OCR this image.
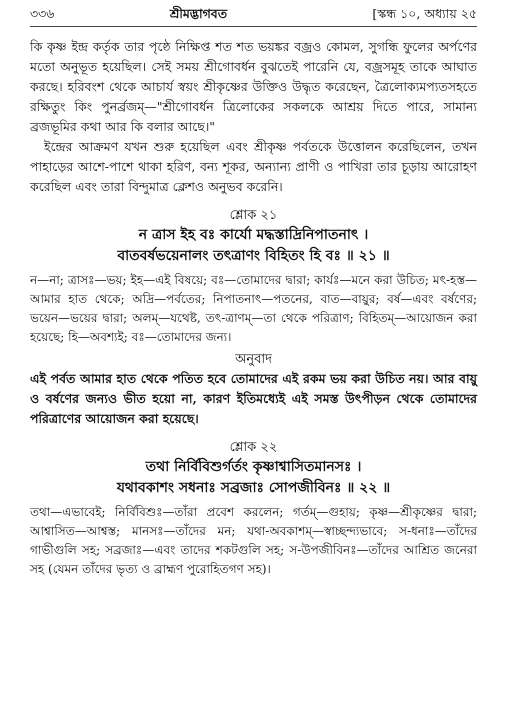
৩৩৬	শ্রীমদ্ভাগবত	[স্কন্ধ ১০, অধ্যায় ২৫

কি কৃষ্ণ ইন্দ্র কর্তৃক তার পৃষ্ঠে নিক্ষিপ্ত শত শত ভয়ঙ্কর বজ্রও কোমল, সুগন্ধি ফুলের অর্পণের মতো অনুভূত হয়েছিল। সেই সময় শ্রীগোবর্ধন বুঝতেই পারেনি যে, বজ্রসমূহ তাকে আঘাত করছে। হরিবংশ থেকে আচার্য স্বয়ং শ্রীকৃষ্ণের উক্তিও উদ্ধৃত করেছেন, ত্রৈলোক্যমপ্যতসহতে রক্ষিতুং কিং পুনর্ব্রজম্—"শ্রীগোবর্ধন ত্রিলোকের সকলকে আশ্রয় দিতে পারে, সামান্য ব্রজভূমির কথা আর কি বলার আছে।"

ইন্দ্রের আক্রমণ যখন শুরু হয়েছিল এবং শ্রীকৃষ্ণ পর্বতকে উত্তোলন করেছিলেন, তখন পাহাড়ের আশে-পাশে থাকা হরিণ, বন্য শূকর, অন্যান্য প্রাণী ও পাখিরা তার চূড়ায় আরোহণ করেছিল এবং তারা বিন্দুমাত্র ক্লেশও অনুভব করেনি।

শ্লোক ২১
ন ত্রাস ইহ বঃ কার্যো মদ্ধস্তাদ্রিনিপাতনাৎ ।
বাতবর্ষভয়েনালং তৎত্রাণং বিহিতং হি বঃ ॥ ২১ ॥

ন—না; ত্রাসঃ—ভয়; ইহ—এই বিষয়ে; বঃ—তোমাদের দ্বারা; কার্যঃ—মনে করা উচিত; মৎ-হস্ত—আমার হাত থেকে; অদ্রি—পর্বতের; নিপাতনাৎ—পতনের, বাত—বায়ুর; বর্ষ—এবং বর্ষণের; ভয়েন—ভয়ের দ্বারা; অলম্—যথেষ্ট, তৎ-ত্রাণম্—তা থেকে পরিত্রাণ; বিহিতম্—আয়োজন করা হয়েছে; হি—অবশ্যই; বঃ—তোমাদের জন্য।

অনুবাদ

এই পর্বত আমার হাত থেকে পতিত হবে তোমাদের এই রকম ভয় করা উচিত নয়। আর বায়ু ও বর্ষণের জন্যও ভীত হয়ো না, কারণ ইতিমধ্যেই এই সমস্ত উৎপীড়ন থেকে তোমাদের পরিত্রাণের আয়োজন করা হয়েছে।

শ্লোক ২২
তথা নির্বিবিশুর্গর্তং কৃষ্ণাশ্বাসিতমানসঃ ।
যথাবকাশং সধনাঃ সব্রজাঃ সোপজীবিনঃ ॥ ২২ ॥

তথা—এভাবেই; নির্বিবিশুঃ—তাঁরা প্রবেশ করলেন; গর্তম্—গুহায়; কৃষ্ণ—শ্রীকৃষ্ণের দ্বারা; আশ্বাসিত—আশ্বস্ত; মানসঃ—তাঁদের মন; যথা-অবকাশম্—স্বাচ্ছন্দ্যভাবে; স-ধনাঃ—তাঁদের গাভীগুলি সহ; সব্রজাঃ—এবং তাদের শকটগুলি সহ; স-উপজীবিনঃ—তাঁদের আশ্রিত জনেরা সহ (যেমন তাঁদের ভৃত্য ও ব্রাহ্মণ পুরোহিতগণ সহ)।
